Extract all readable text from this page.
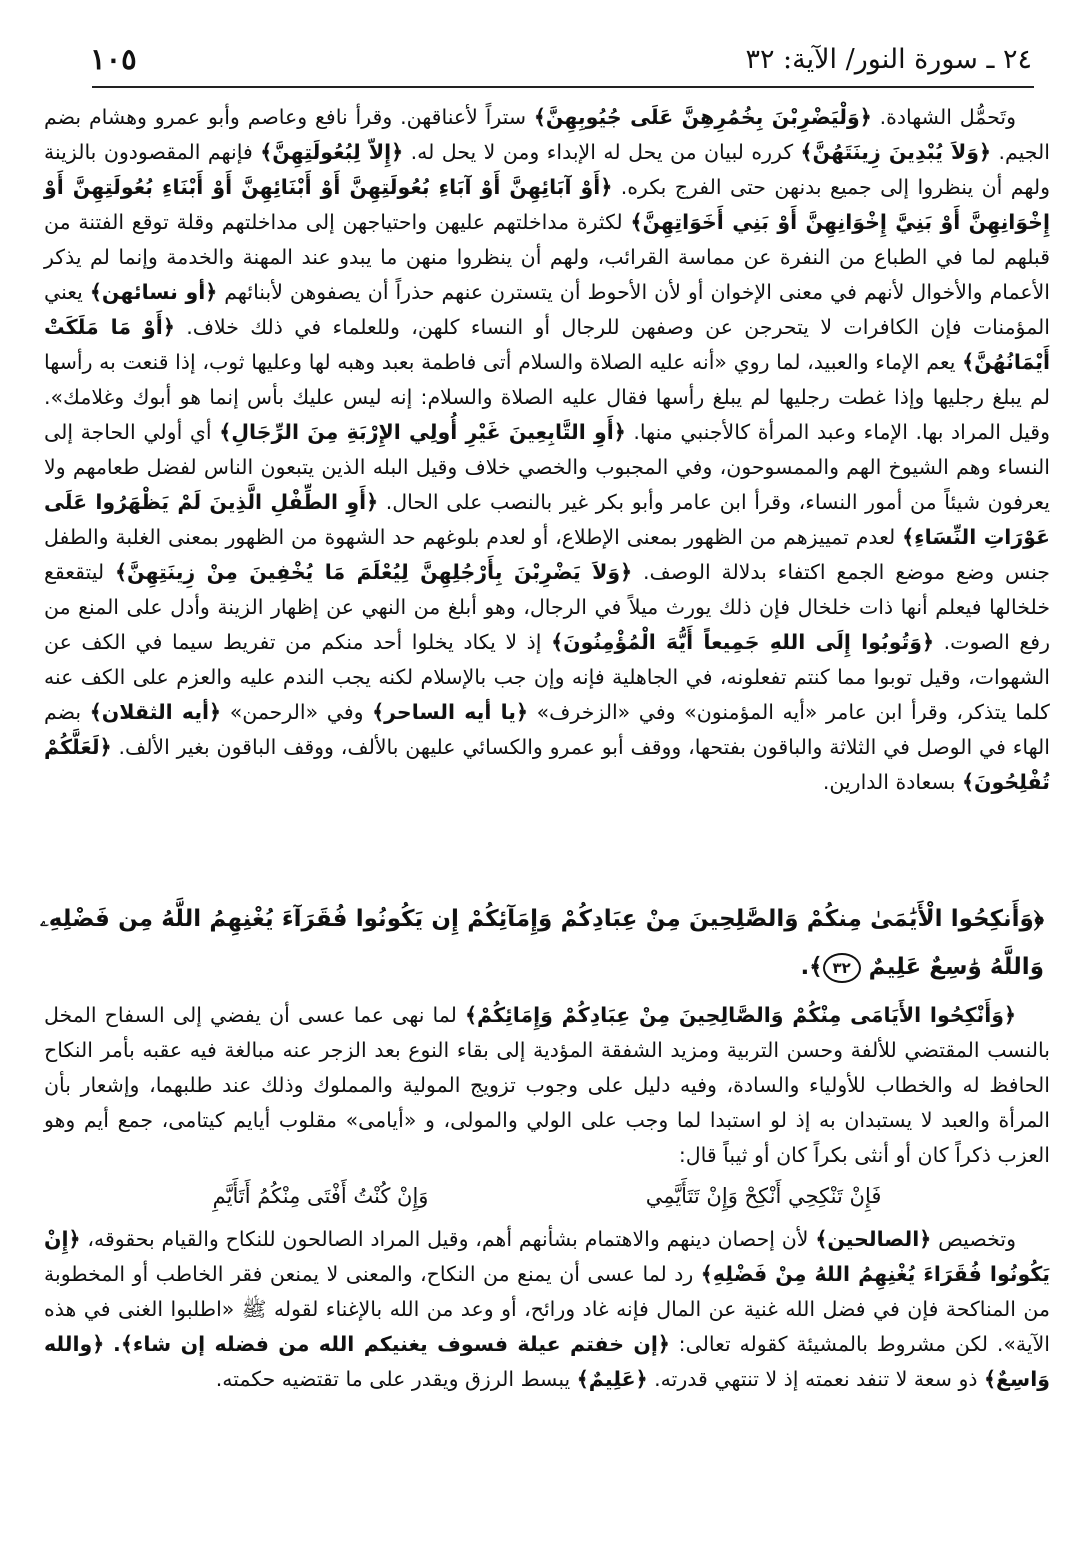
٢٤ ـ سورة النور/ الآية: ٣٢
١٠٥

وتَحمُّل الشهادة. ﴿وَلْيَضْرِبْنَ بِخُمُرِهِنَّ عَلَى جُيُوبِهِنَّ﴾ ستراً لأعناقهن. وقرأ نافع وعاصم وأبو عمرو وهشام بضم الجيم. ﴿وَلاَ يُبْدِينَ زِينَتَهُنَّ﴾ كرره لبيان من يحل له الإبداء ومن لا يحل له. ﴿إِلاّ لِبُعُولَتِهِنَّ﴾ فإنهم المقصودون بالزينة ولهم أن ينظروا إلى جميع بدنهن حتى الفرج بكره. ﴿أَوْ آبَائِهِنَّ أَوْ آبَاءِ بُعُولَتِهِنَّ أَوْ أَبْنَائِهِنَّ أَوْ أَبْنَاءِ بُعُولَتِهِنَّ أَوْ إِخْوَانِهِنَّ أَوْ بَنِيَّ إِخْوَانِهِنَّ أَوْ بَنِي أَخَوَاتِهِنَّ﴾ لكثرة مداخلتهم عليهن واحتياجهن إلى مداخلتهم وقلة توقع الفتنة من قبلهم لما في الطباع من النفرة عن مماسة القرائب، ولهم أن ينظروا منهن ما يبدو عند المهنة والخدمة وإنما لم يذكر الأعمام والأخوال لأنهم في معنى الإخوان أو لأن الأحوط أن يتسترن عنهم حذراً أن يصفوهن لأبنائهم ﴿أو نسائهن﴾ يعني المؤمنات فإن الكافرات لا يتحرجن عن وصفهن للرجال أو النساء كلهن، وللعلماء في ذلك خلاف. ﴿أَوْ مَا مَلَكَتْ أَيْمَانُهُنَّ﴾ يعم الإماء والعبيد، لما روي «أنه عليه الصلاة والسلام أتى فاطمة بعبد وهبه لها وعليها ثوب، إذا قنعت به رأسها لم يبلغ رجليها وإذا غطت رجليها لم يبلغ رأسها فقال عليه الصلاة والسلام: إنه ليس عليك بأس إنما هو أبوك وغلامك». وقيل المراد بها. الإماء وعبد المرأة كالأجنبي منها. ﴿أَوِ التَّابِعِينَ غَيْرِ أُولِي الإِرْبَةِ مِنَ الرِّجَالِ﴾ أي أولي الحاجة إلى النساء وهم الشيوخ الهم والممسوحون، وفي المجبوب والخصي خلاف وقيل البله الذين يتبعون الناس لفضل طعامهم ولا يعرفون شيئاً من أمور النساء، وقرأ ابن عامر وأبو بكر غير بالنصب على الحال. ﴿أَوِ الطِّفْلِ الَّذِينَ لَمْ يَظْهَرُوا عَلَى عَوْرَاتِ النِّسَاءِ﴾ لعدم تمييزهم من الظهور بمعنى الإطلاع، أو لعدم بلوغهم حد الشهوة من الظهور بمعنى الغلبة والطفل جنس وضع موضع الجمع اكتفاء بدلالة الوصف. ﴿وَلاَ يَضْرِبْنَ بِأَرْجُلِهِنَّ لِيُعْلَمَ مَا يُخْفِينَ مِنْ زِينَتِهِنَّ﴾ ليتقعقع خلخالها فيعلم أنها ذات خلخال فإن ذلك يورث ميلاً في الرجال، وهو أبلغ من النهي عن إظهار الزينة وأدل على المنع من رفع الصوت. ﴿وَتُوبُوا إِلَى اللهِ جَمِيعاً أَيُّهَ الْمُؤْمِنُونَ﴾ إذ لا يكاد يخلوا أحد منكم من تفريط سيما في الكف عن الشهوات، وقيل توبوا مما كنتم تفعلونه، في الجاهلية فإنه وإن جب بالإسلام لكنه يجب الندم عليه والعزم على الكف عنه كلما يتذكر، وقرأ ابن عامر «أيه المؤمنون» وفي «الزخرف» ﴿يا أيه الساحر﴾ وفي «الرحمن» ﴿أيه الثقلان﴾ بضم الهاء في الوصل في الثلاثة والباقون بفتحها، ووقف أبو عمرو والكسائي عليهن بالألف، ووقف الباقون بغير الألف. ﴿لَعَلَّكُمْ تُفْلِحُونَ﴾ بسعادة الدارين.

﴿وَأَنكِحُوا الْأَيَٰمَىٰ مِنكُمْ وَالصَّٰلِحِينَ مِنْ عِبَادِكُمْ وَإِمَآئِكُمْ إِن يَكُونُوا فُقَرَآءَ يُغْنِهِمُ اللَّهُ مِن فَضْلِهِۦ وَاللَّهُ وَٰسِعٌ عَلِيمٌ ٣٢﴾.

﴿وَأَنْكِحُوا الأَيَامَى مِنْكُمْ وَالصَّالِحِينَ مِنْ عِبَادِكُمْ وَإِمَائِكُمْ﴾ لما نهى عما عسى أن يفضي إلى السفاح المخل بالنسب المقتضي للألفة وحسن التربية ومزيد الشفقة المؤدية إلى بقاء النوع بعد الزجر عنه مبالغة فيه عقبه بأمر النكاح الحافظ له والخطاب للأولياء والسادة، وفيه دليل على وجوب تزويج المولية والمملوك وذلك عند طلبهما، وإشعار بأن المرأة والعبد لا يستبدان به إذ لو استبدا لما وجب على الولي والمولى، و «أيامى» مقلوب أيايم كيتامى، جمع أيم وهو العزب ذكراً كان أو أنثى بكراً كان أو ثيباً قال:

فَإِنْ تَنْكِحِي أَنْكِحْ وَإِنْ تَتَأَيَّمِي
وَإِنْ كُنْتُ أَفْتَى مِنْكُمُ أَتَأَيَّمِ

وتخصيص ﴿الصالحين﴾ لأن إحصان دينهم والاهتمام بشأنهم أهم، وقيل المراد الصالحون للنكاح والقيام بحقوقه، ﴿إِنْ يَكُونُوا فُقَرَاءَ يُغْنِهِمُ اللهُ مِنْ فَضْلِهِ﴾ رد لما عسى أن يمنع من النكاح، والمعنى لا يمنعن فقر الخاطب أو المخطوبة من المناكحة فإن في فضل الله غنية عن المال فإنه غاد ورائح، أو وعد من الله بالإغناء لقوله ﷺ «اطلبوا الغنى في هذه الآية». لكن مشروط بالمشيئة كقوله تعالى: ﴿إن خفتم عيلة فسوف يغنيكم الله من فضله إن شاء﴾. ﴿والله وَاسِعٌ﴾ ذو سعة لا تنفد نعمته إذ لا تنتهي قدرته. ﴿عَلِيمٌ﴾ يبسط الرزق ويقدر على ما تقتضيه حكمته.
